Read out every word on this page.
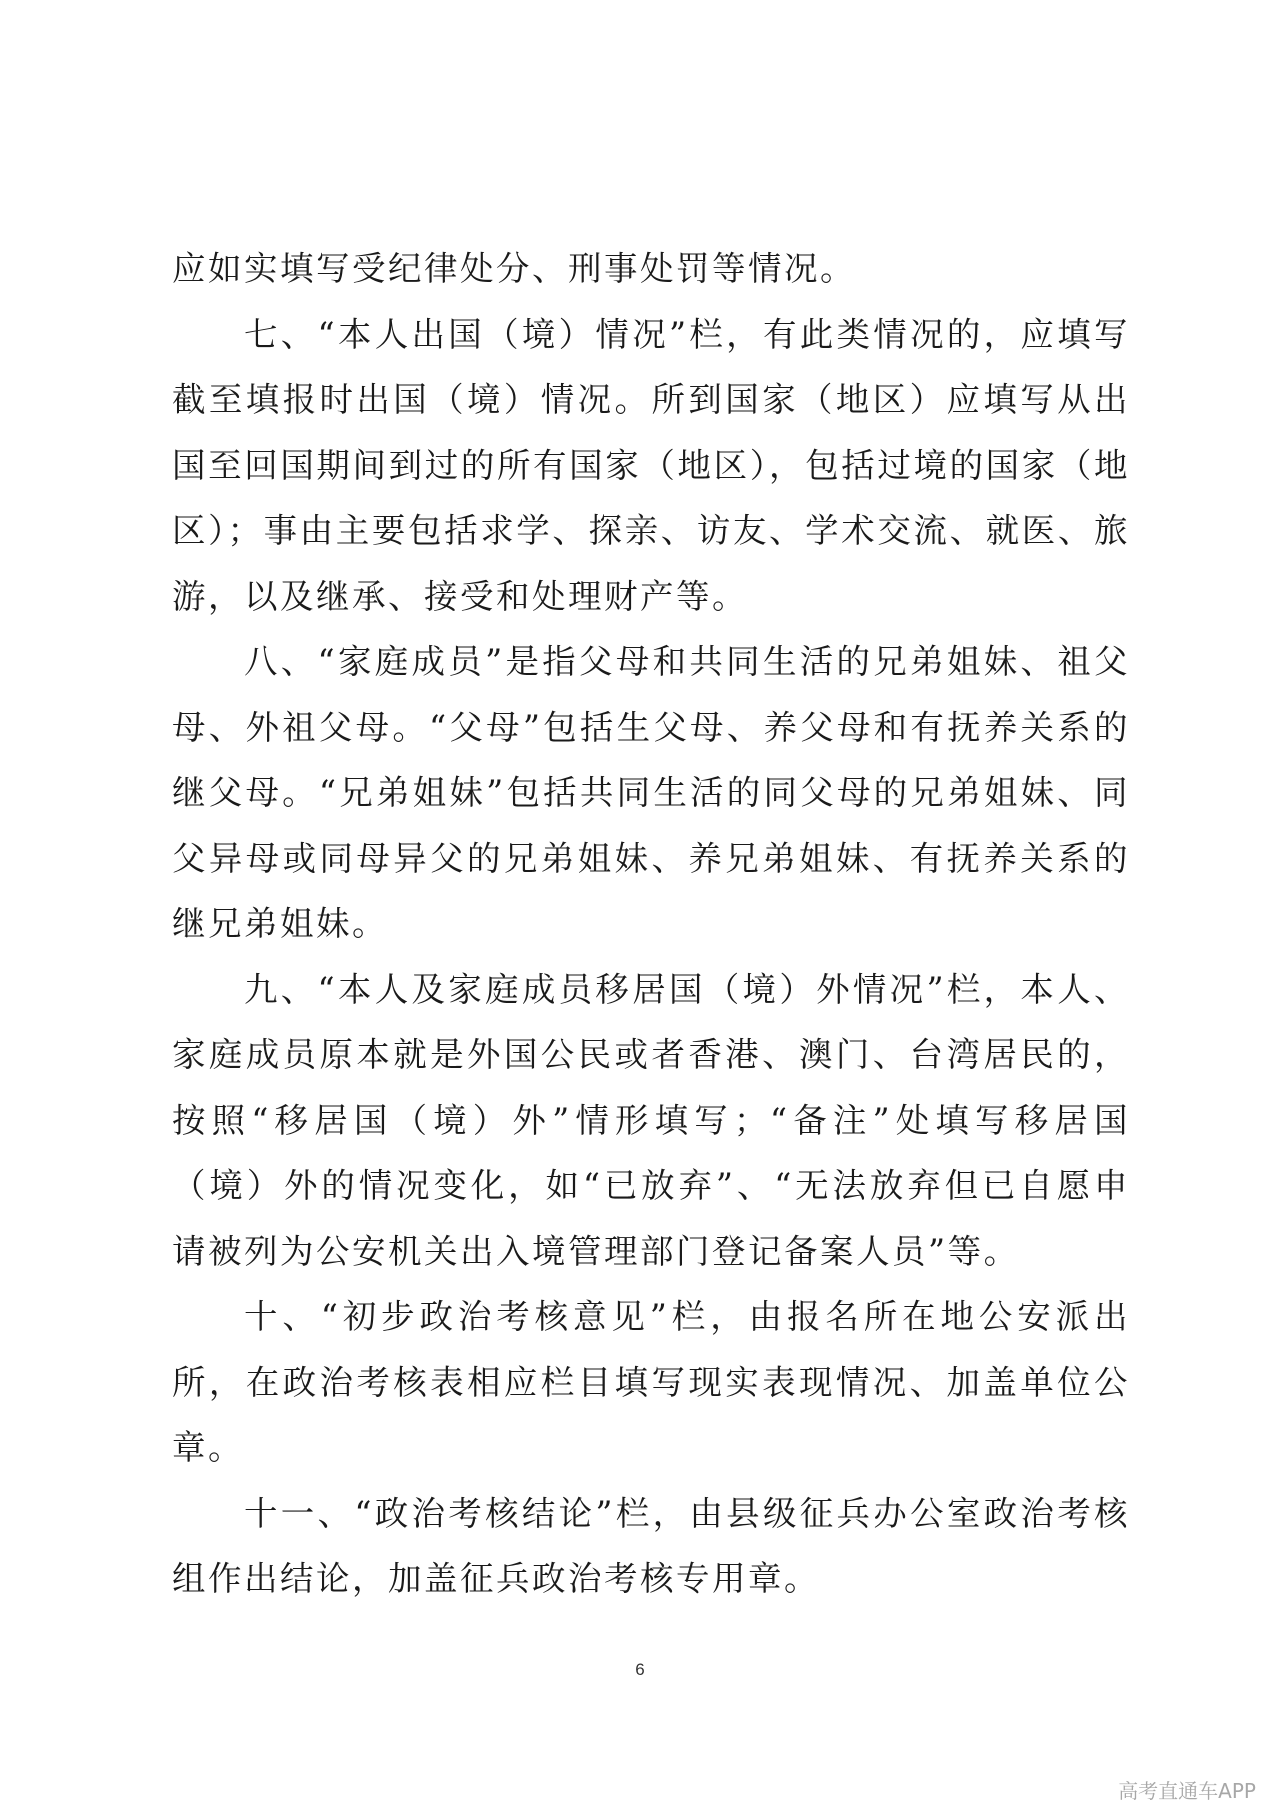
应如实填写受纪律处分、刑事处罚等情况。

七、“本人出国（境）情况”栏，有此类情况的，应填写截至填报时出国（境）情况。所到国家（地区）应填写从出国至回国期间到过的所有国家（地区），包括过境的国家（地区）；事由主要包括求学、探亲、访友、学术交流、就医、旅游，以及继承、接受和处理财产等。

八、“家庭成员”是指父母和共同生活的兄弟姐妹、祖父母、外祖父母。“父母”包括生父母、养父母和有抚养关系的继父母。“兄弟姐妹”包括共同生活的同父母的兄弟姐妹、同父异母或同母异父的兄弟姐妹、养兄弟姐妹、有抚养关系的继兄弟姐妹。

九、“本人及家庭成员移居国（境）外情况”栏，本人、家庭成员原本就是外国公民或者香港、澳门、台湾居民的，按照“移居国（境）外”情形填写；“备注”处填写移居国（境）外的情况变化，如“已放弃”、“无法放弃但已自愿申请被列为公安机关出入境管理部门登记备案人员”等。

十、“初步政治考核意见”栏，由报名所在地公安派出所，在政治考核表相应栏目填写现实表现情况、加盖单位公章。

十一、“政治考核结论”栏，由县级征兵办公室政治考核组作出结论，加盖征兵政治考核专用章。

6
高考直通车APP
